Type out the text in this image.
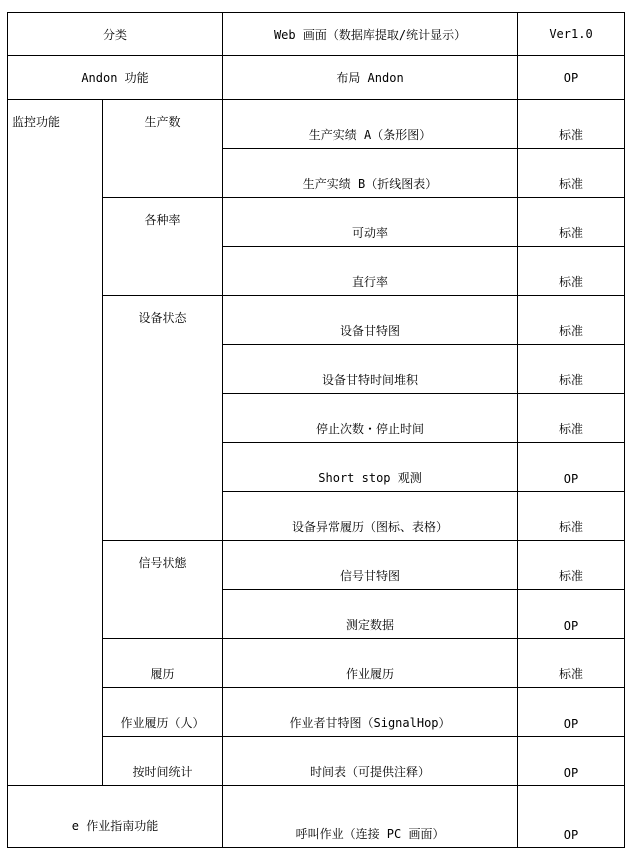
分类		Web 画面（数据库提取/统计显示）	Ver1.0
Andon 功能		布局 Andon	OP
监控功能	生产数	生产实绩 A（条形图）	标准
		生产实绩 B（折线图表）	标准
	各种率	可动率	标准
		直行率	标准
	设备状态	设备甘特图	标准
		设备甘特时间堆积	标准
		停止次数・停止时间	标准
		Short stop 观测	OP
		设备异常履历（图标、表格）	标准
	信号状態	信号甘特图	标准
		测定数据	OP
	履历	作业履历	标准
	作业履历（人）	作业者甘特图（SignalHop）	OP
	按时间统计	时间表（可提供注释）	OP
e 作业指南功能		呼叫作业（连接 PC 画面）	OP
